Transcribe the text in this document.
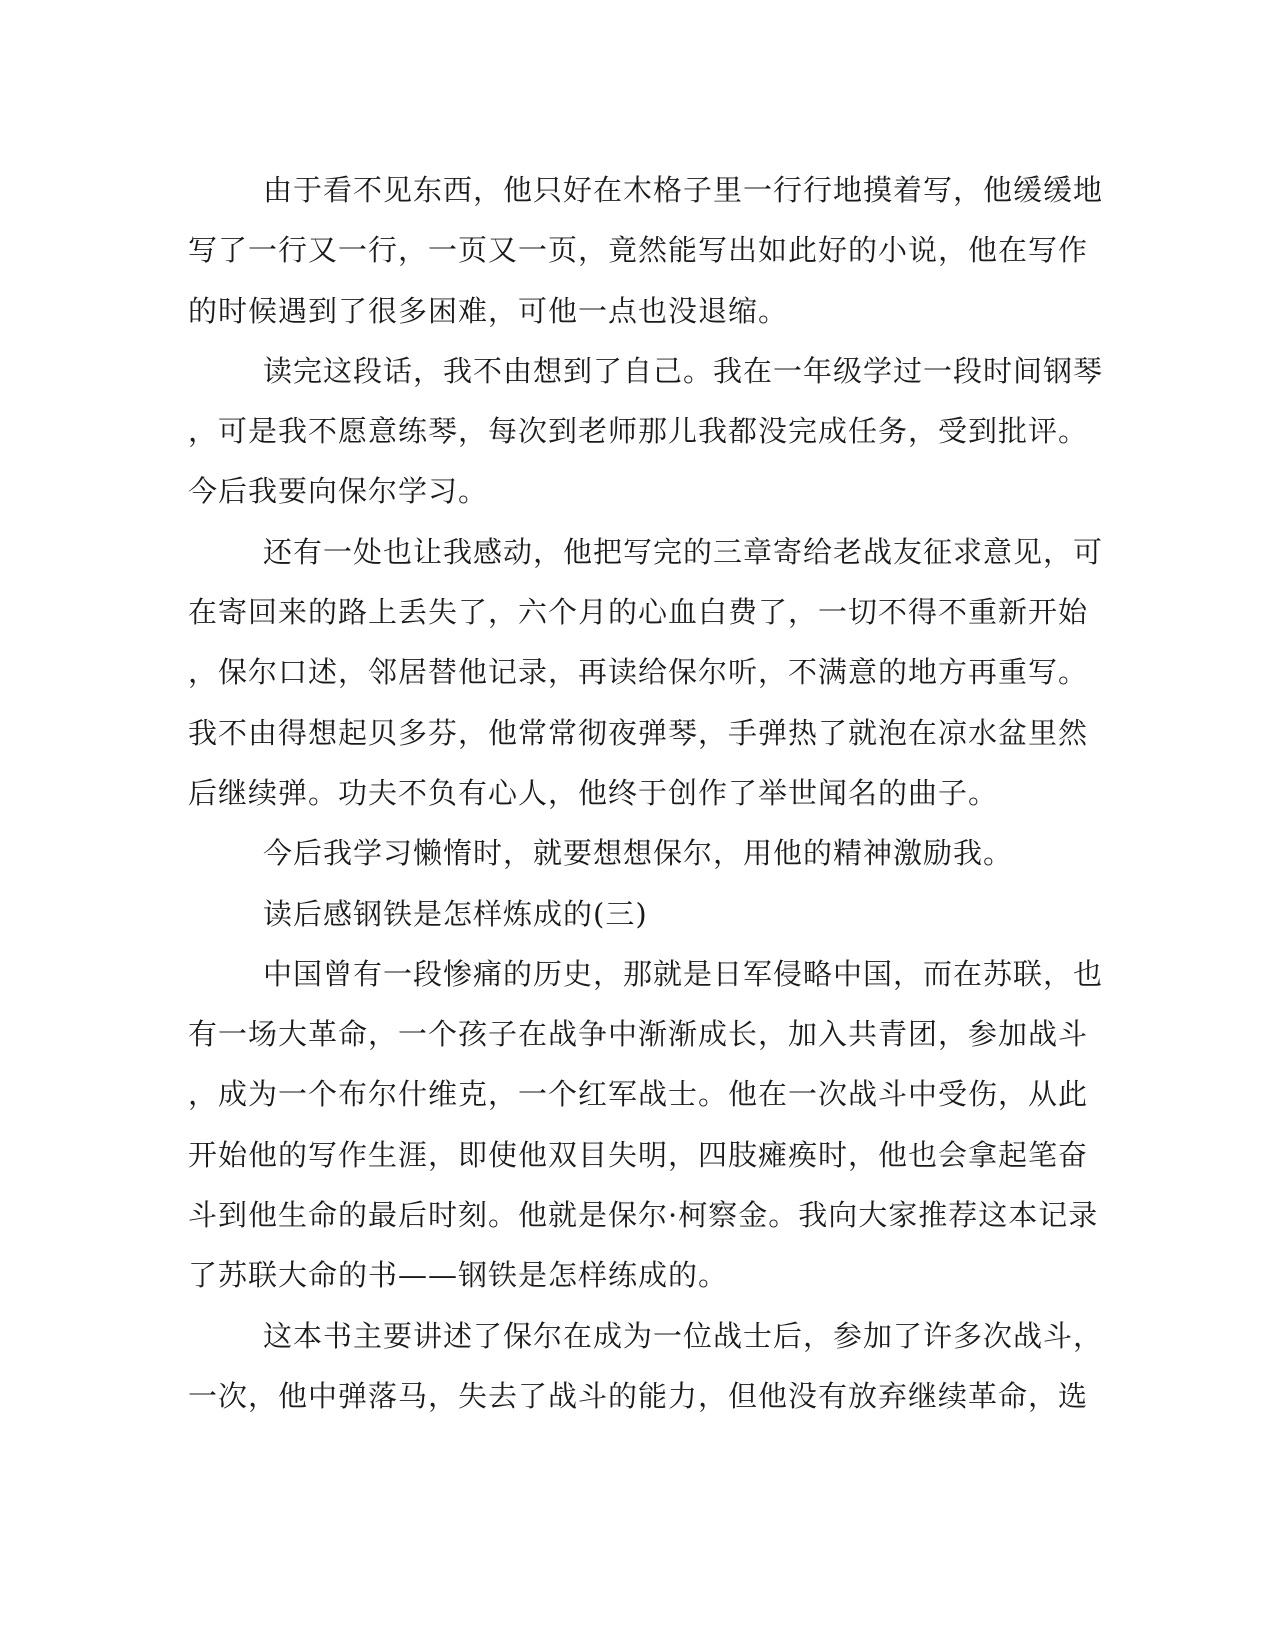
由于看不见东西，他只好在木格子里一行行地摸着写，他缓缓地
写了一行又一行，一页又一页，竟然能写出如此好的小说，他在写作
的时候遇到了很多困难，可他一点也没退缩。
读完这段话，我不由想到了自己。我在一年级学过一段时间钢琴
，可是我不愿意练琴，每次到老师那儿我都没完成任务，受到批评。
今后我要向保尔学习。
还有一处也让我感动，他把写完的三章寄给老战友征求意见，可
在寄回来的路上丢失了，六个月的心血白费了，一切不得不重新开始
，保尔口述，邻居替他记录，再读给保尔听，不满意的地方再重写。
我不由得想起贝多芬，他常常彻夜弹琴，手弹热了就泡在凉水盆里然
后继续弹。功夫不负有心人，他终于创作了举世闻名的曲子。
今后我学习懒惰时，就要想想保尔，用他的精神激励我。
读后感钢铁是怎样炼成的(三)
中国曾有一段惨痛的历史，那就是日军侵略中国，而在苏联，也
有一场大革命，一个孩子在战争中渐渐成长，加入共青团，参加战斗
，成为一个布尔什维克，一个红军战士。他在一次战斗中受伤，从此
开始他的写作生涯，即使他双目失明，四肢瘫痪时，他也会拿起笔奋
斗到他生命的最后时刻。他就是保尔·柯察金。我向大家推荐这本记录
了苏联大命的书——钢铁是怎样练成的。
这本书主要讲述了保尔在成为一位战士后，参加了许多次战斗，
一次，他中弹落马，失去了战斗的能力，但他没有放弃继续革命，选
